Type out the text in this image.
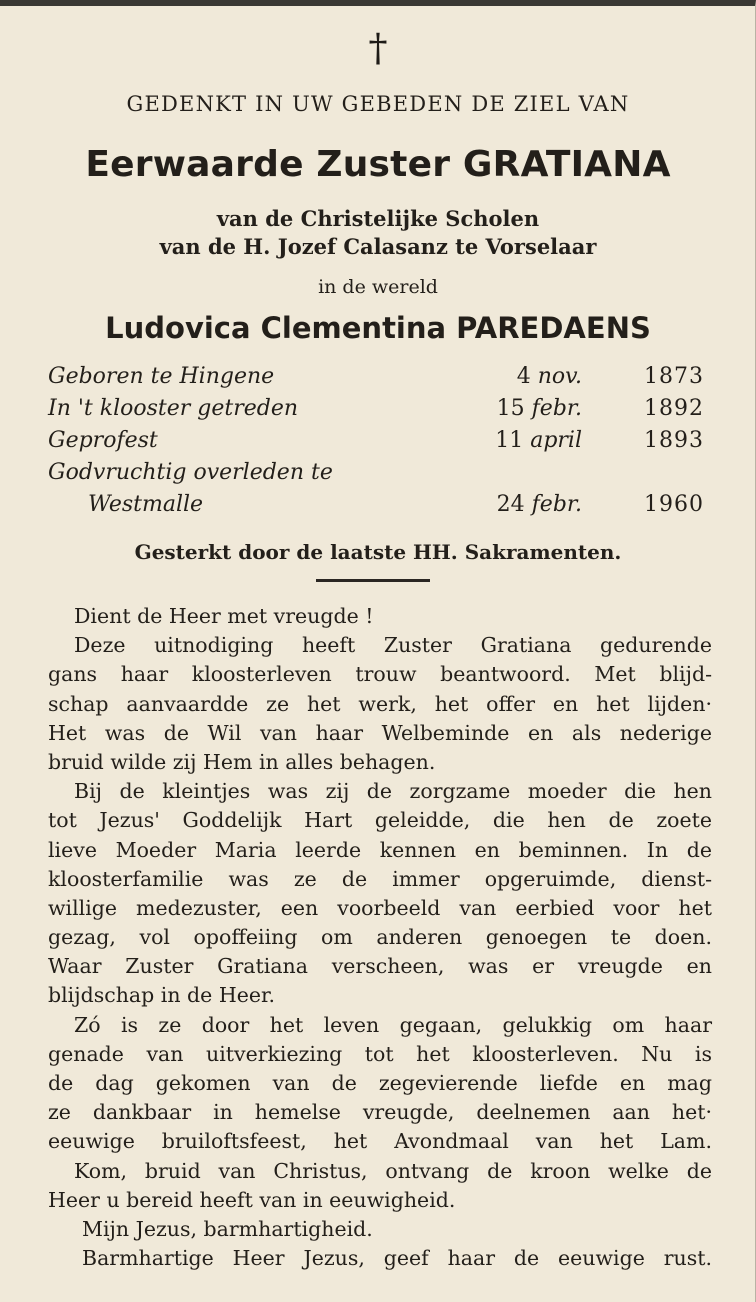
†
GEDENKT IN UW GEBEDEN DE ZIEL VAN
Eerwaarde Zuster GRATIANA
van de Christelijke Scholen
van de H. Jozef Calasanz te Vorselaar
in de wereld
Ludovica Clementina PAREDAENS
Geboren te Hingene	4 nov.	1873
In 't klooster getreden	15 febr.	1892
Geprofest	11 april	1893
Godvruchtig overleden te
Westmalle	24 febr.	1960
Gesterkt door de laatste HH. Sakramenten.
Dient de Heer met vreugde !
Deze uitnodiging heeft Zuster Gratiana gedurende
gans haar kloosterleven trouw beantwoord. Met blijd-
schap aanvaardde ze het werk, het offer en het lijden·
Het was de Wil van haar Welbeminde en als nederige
bruid wilde zij Hem in alles behagen.
Bij de kleintjes was zij de zorgzame moeder die hen
tot Jezus' Goddelijk Hart geleidde, die hen de zoete
lieve Moeder Maria leerde kennen en beminnen. In de
kloosterfamilie was ze de immer opgeruimde, dienst-
willige medezuster, een voorbeeld van eerbied voor het
gezag, vol opoffeiing om anderen genoegen te doen.
Waar Zuster Gratiana verscheen, was er vreugde en
blijdschap in de Heer.
Zó is ze door het leven gegaan, gelukkig om haar
genade van uitverkiezing tot het kloosterleven. Nu is
de dag gekomen van de zegevierende liefde en mag
ze dankbaar in hemelse vreugde, deelnemen aan het·
eeuwige bruiloftsfeest, het Avondmaal van het Lam.
Kom, bruid van Christus, ontvang de kroon welke de
Heer u bereid heeft van in eeuwigheid.
Mijn Jezus, barmhartigheid.
Barmhartige Heer Jezus, geef haar de eeuwige rust.
